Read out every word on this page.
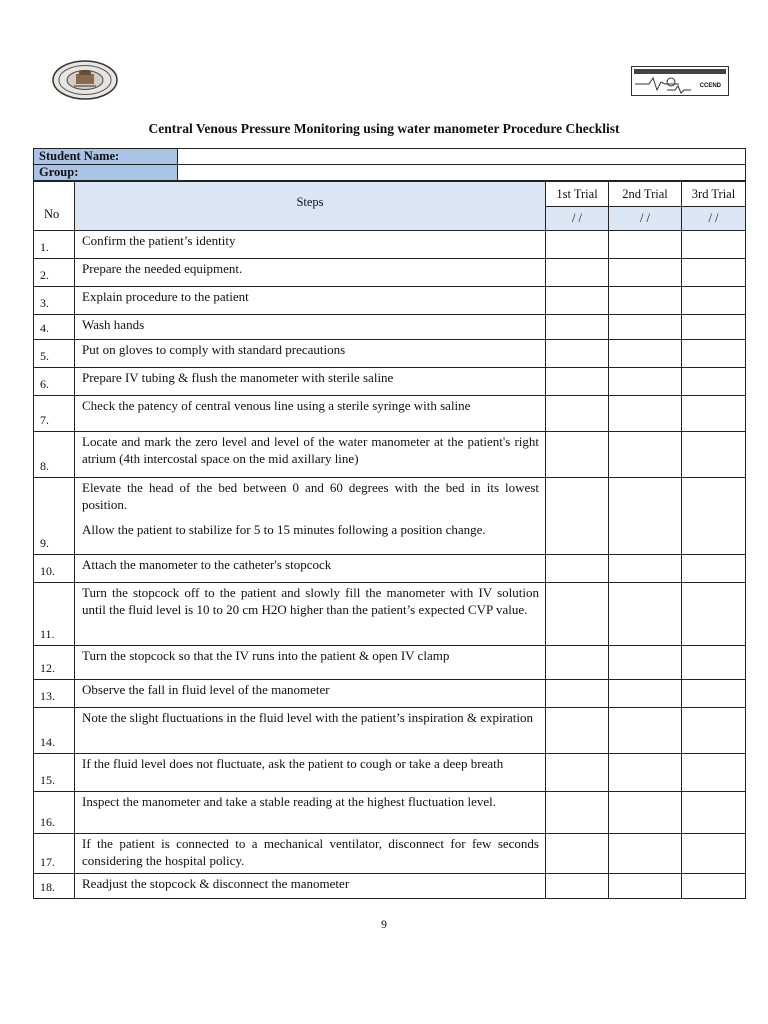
CCEND
Central Venous Pressure Monitoring using water manometer Procedure Checklist
Student Name:	
Group:	
No	Steps	1st Trial	2nd Trial	3rd Trial
		/ /	/ /	/ /
1.	Confirm the patient’s identity			

2.	Prepare the needed equipment.			

3.	Explain procedure to the patient			

4.	Wash hands			

5.	Put on gloves to comply with standard precautions			

6.	Prepare IV tubing & flush the manometer with sterile saline			

7.	Check the patency of central venous line using a sterile syringe with saline			

8.	Locate and mark the zero level and level of the water manometer at the patient's right atrium (4th intercostal space on the mid axillary line)			

9.	Elevate the head of the bed between 0 and 60 degrees with the bed in its lowest position.
Allow the patient to stabilize for 5 to 15 minutes following a position change.			

10.	Attach the manometer to the catheter's stopcock			

11.	Turn the stopcock off to the patient and slowly fill the manometer with IV solution until the fluid level is 10 to 20 cm H2O higher than the patient’s expected CVP value.			

12.	Turn the stopcock so that the IV runs into the patient & open IV clamp			

13.	Observe the fall in fluid level of the manometer			

14.	Note the slight fluctuations in the fluid level with the patient’s inspiration & expiration			

15.	If the fluid level does not fluctuate, ask the patient to cough or take a deep breath			

16.	Inspect the manometer and take a stable reading at the highest fluctuation level.			

17.	If the patient is connected to a mechanical ventilator, disconnect for few seconds considering the hospital policy.			

18.	Readjust the stopcock & disconnect the manometer			

9
